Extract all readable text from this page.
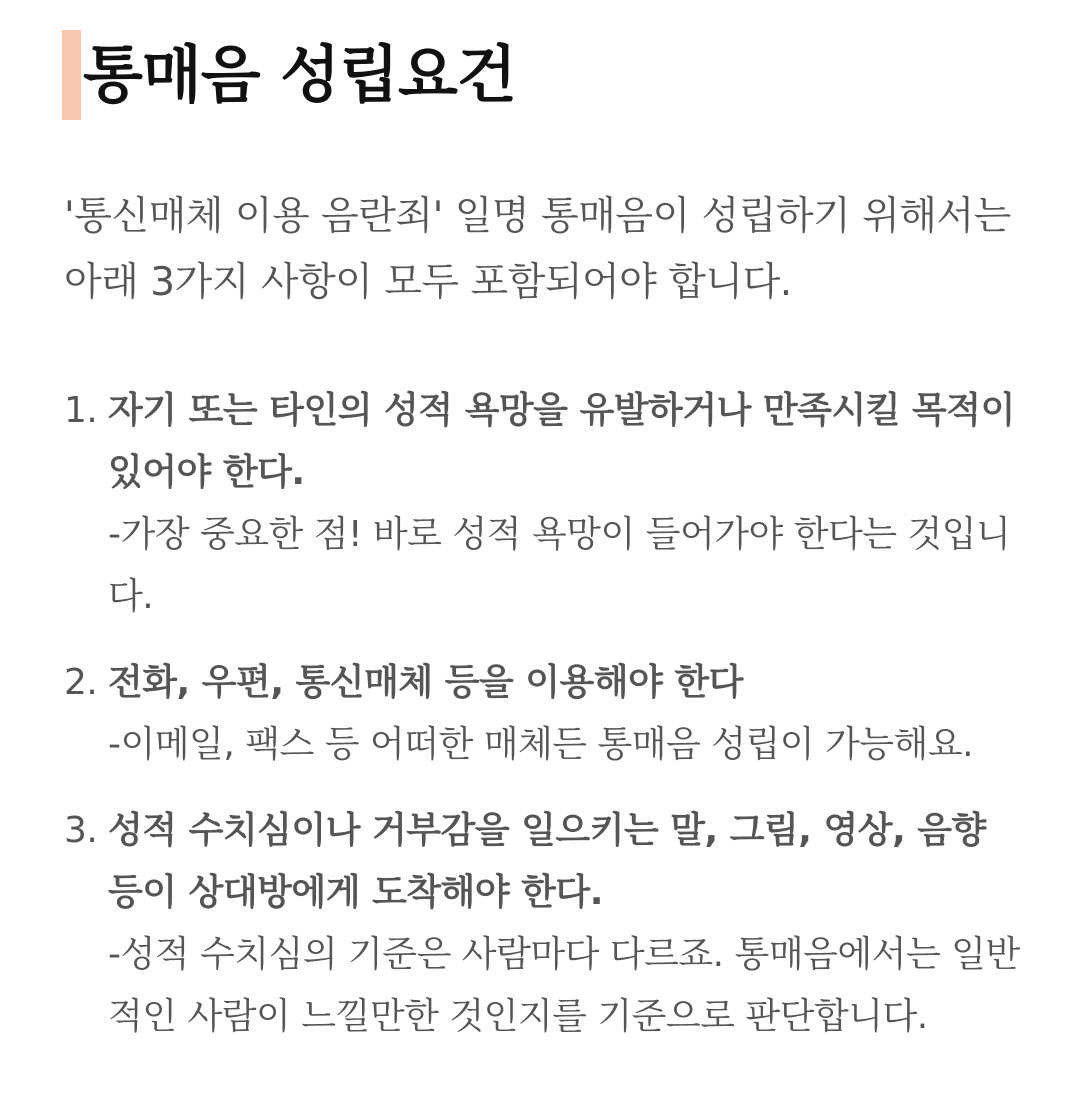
통매음 성립요건
'통신매체 이용 음란죄' 일명 통매음이 성립하기 위해서는 아래 3가지 사항이 모두 포함되어야 합니다.
1. 자기 또는 타인의 성적 욕망을 유발하거나 만족시킬 목적이 있어야 한다.
-가장 중요한 점! 바로 성적 욕망이 들어가야 한다는 것입니다.
2. 전화, 우편, 통신매체 등을 이용해야 한다
-이메일, 팩스 등 어떠한 매체든 통매음 성립이 가능해요.
3. 성적 수치심이나 거부감을 일으키는 말, 그림, 영상, 음향 등이 상대방에게 도착해야 한다.
-성적 수치심의 기준은 사람마다 다르죠. 통매음에서는 일반적인 사람이 느낄만한 것인지를 기준으로 판단합니다.
